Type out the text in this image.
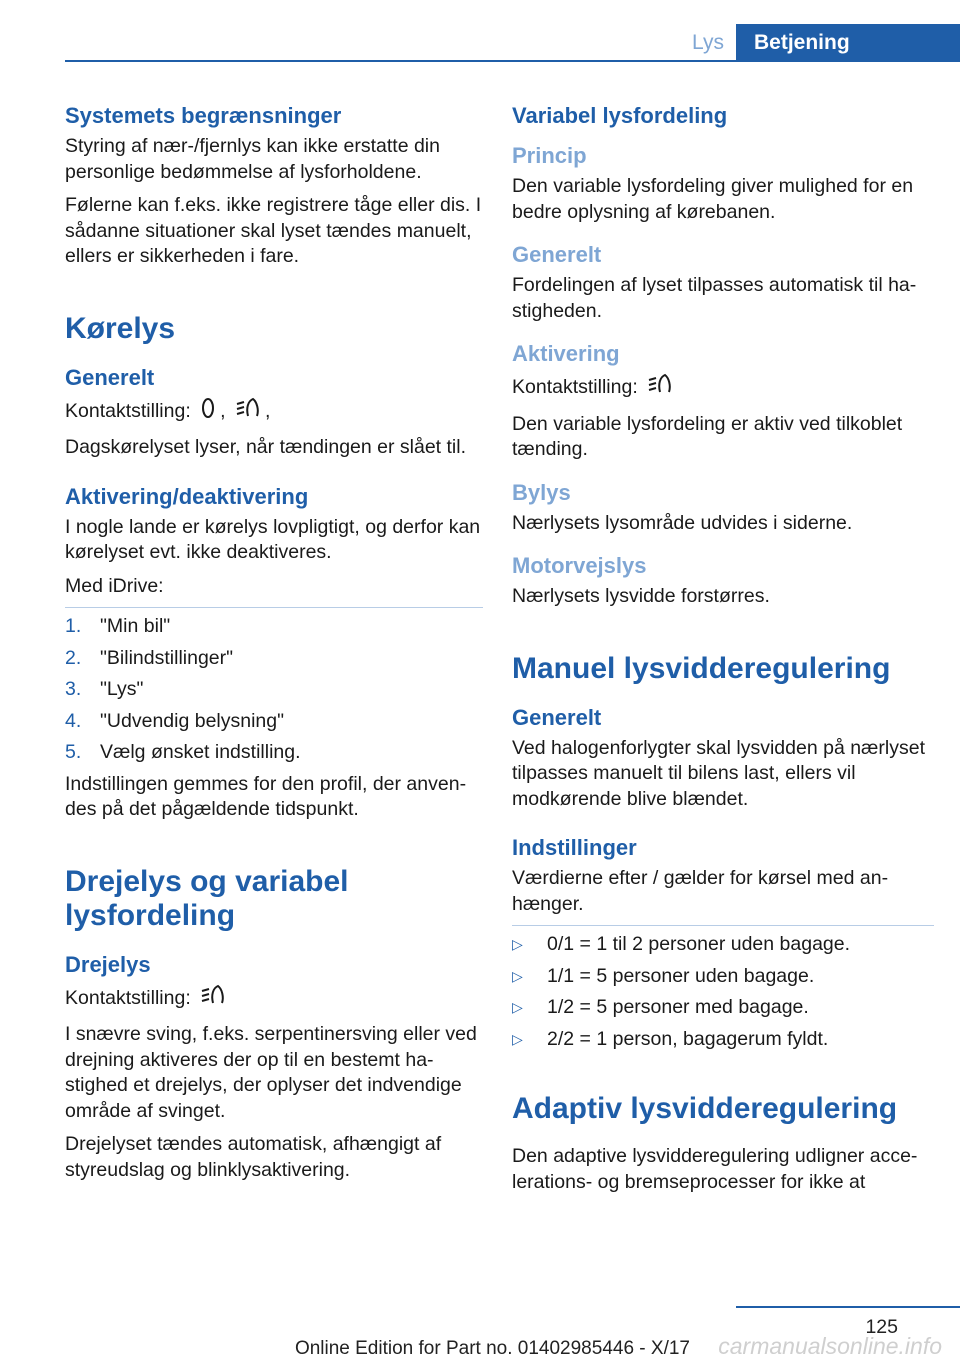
Lys	Betjening
Systemets begrænsninger

Styring af nær-/fjernlys kan ikke erstatte din personlige bedømmelse af lysforholdene.

Følerne kan f.eks. ikke registrere tåge eller dis. I sådanne situationer skal lyset tændes manuelt, ellers er sikkerheden i fare.

Kørelys
Generelt

Kontaktstilling: , ,

Dagskørelyset lyser, når tændingen er slået til.

Aktivering/deaktivering

I nogle lande er kørelys lovpligtigt, og derfor kan kørelyset evt. ikke deaktiveres.

Med iDrive:

1. "Min bil"
2. "Bilindstillinger"
3. "Lys"
4. "Udvendig belysning"
5. Vælg ønsket indstilling.

Indstillingen gemmes for den profil, der anvendes på det pågældende tidspunkt.

Drejelys og variabel lysfordeling
Drejelys

Kontaktstilling:

I snævre sving, f.eks. serpentinersving eller ved drejning aktiveres der op til en bestemt hastighed et drejelys, der oplyser det indvendige område af svinget.

Drejelyset tændes automatisk, afhængigt af styreudslag og blinklysaktivering.

Variabel lysfordeling
Princip

Den variable lysfordeling giver mulighed for en bedre oplysning af kørebanen.

Generelt

Fordelingen af lyset tilpasses automatisk til hastigheden.

Aktivering

Kontaktstilling:

Den variable lysfordeling er aktiv ved tilkoblet tænding.

Bylys

Nærlysets lysområde udvides i siderne.

Motorvejslys

Nærlysets lysvidde forstørres.

Manuel lysvidderegulering
Generelt

Ved halogenforlygter skal lysvidden på nærlyset tilpasses manuelt til bilens last, ellers vil modkørende blive blændet.

Indstillinger

Værdierne efter / gælder for kørsel med anhænger.

▷ 0/1 = 1 til 2 personer uden bagage.
▷ 1/1 = 5 personer uden bagage.
▷ 1/2 = 5 personer med bagage.
▷ 2/2 = 1 person, bagagerum fyldt.
Adaptiv lysvidderegulering

Den adaptive lysvidderegulering udligner accelerations- og bremseprocesser for ikke at

125
Online Edition for Part no. 01402985446 - X/17 carmanualsonline.info
